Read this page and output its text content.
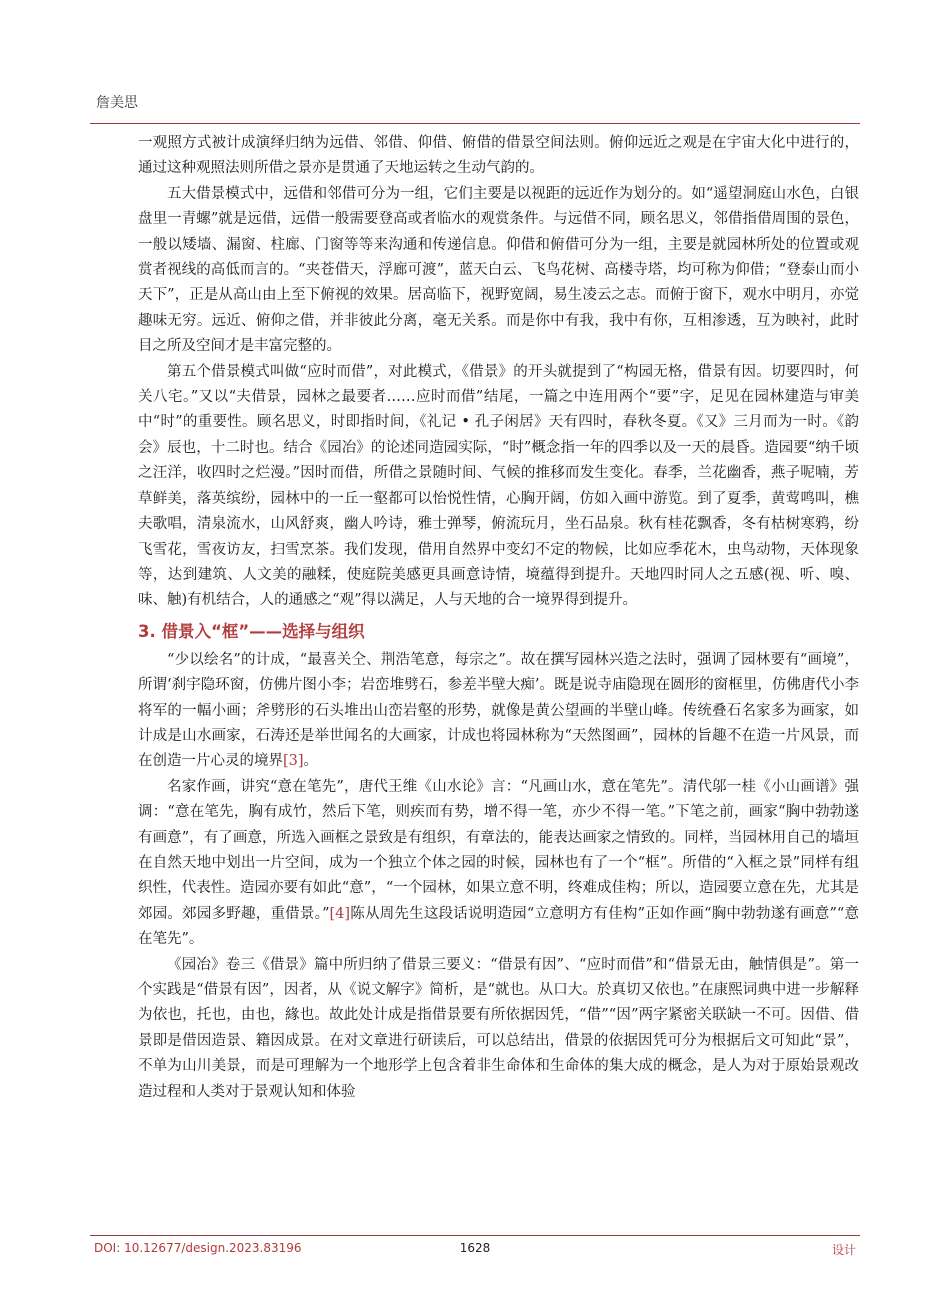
詹美思

一观照方式被计成演绎归纳为远借、邻借、仰借、俯借的借景空间法则。俯仰远近之观是在宇宙大化中进行的，通过这种观照法则所借之景亦是贯通了天地运转之生动气韵的。

五大借景模式中，远借和邻借可分为一组，它们主要是以视距的远近作为划分的。如“遥望洞庭山水色，白银盘里一青螺”就是远借，远借一般需要登高或者临水的观赏条件。与远借不同，顾名思义，邻借指借周围的景色，一般以矮墙、漏窗、柱廊、门窗等等来沟通和传递信息。仰借和俯借可分为一组，主要是就园林所处的位置或观赏者视线的高低而言的。“夹苍借天，浮廊可渡”，蓝天白云、飞鸟花树、高楼寺塔，均可称为仰借；“登泰山而小天下”，正是从高山由上至下俯视的效果。居高临下，视野宽阔，易生凌云之志。而俯于窗下，观水中明月，亦觉趣味无穷。远近、俯仰之借，并非彼此分离，毫无关系。而是你中有我，我中有你，互相渗透，互为映衬，此时目之所及空间才是丰富完整的。

第五个借景模式叫做“应时而借”，对此模式，《借景》的开头就提到了“构园无格，借景有因。切要四时，何关八宅。”又以“夫借景，园林之最要者……应时而借”结尾，一篇之中连用两个“要”字，足见在园林建造与审美中“时”的重要性。顾名思义，时即指时间，《礼记 • 孔子闲居》天有四时，春秋冬夏。《又》三月而为一时。《韵会》辰也，十二时也。结合《园冶》的论述同造园实际，“时”概念指一年的四季以及一天的晨昏。造园要“纳千顷之汪洋，收四时之烂漫。”因时而借，所借之景随时间、气候的推移而发生变化。春季，兰花幽香，燕子呢喃，芳草鲜美，落英缤纷，园林中的一丘一壑都可以怡悦性情，心胸开阔，仿如入画中游览。到了夏季，黄莺鸣叫，樵夫歌唱，清泉流水，山风舒爽，幽人吟诗，雅士弹琴，俯流玩月，坐石品泉。秋有桂花飘香，冬有枯树寒鸦，纷飞雪花，雪夜访友，扫雪烹茶。我们发现，借用自然界中变幻不定的物候，比如应季花木，虫鸟动物，天体现象等，达到建筑、人文美的融糅，使庭院美感更具画意诗情，境蕴得到提升。天地四时同人之五感(视、听、嗅、味、触)有机结合，人的通感之“观”得以满足，人与天地的合一境界得到提升。

3. 借景入“框”——选择与组织

“少以绘名”的计成，“最喜关仝、荆浩笔意，每宗之”。故在撰写园林兴造之法时，强调了园林要有“画境”，所谓‘刹宇隐环窗，仿佛片图小李；岩峦堆劈石，参差半壁大痴’。既是说寺庙隐现在圆形的窗框里，仿佛唐代小李将军的一幅小画；斧劈形的石头堆出山峦岩壑的形势，就像是黄公望画的半壁山峰。传统叠石名家多为画家，如计成是山水画家，石涛还是举世闻名的大画家，计成也将园林称为“天然图画”，园林的旨趣不在造一片风景，而在创造一片心灵的境界[3]。

名家作画，讲究“意在笔先”，唐代王维《山水论》言：“凡画山水，意在笔先”。清代邬一桂《小山画谱》强调：“意在笔先，胸有成竹，然后下笔，则疾而有势，增不得一笔，亦少不得一笔。”下笔之前，画家“胸中勃勃遂有画意”，有了画意，所选入画框之景致是有组织，有章法的，能表达画家之情致的。同样，当园林用自己的墙垣在自然天地中划出一片空间，成为一个独立个体之园的时候，园林也有了一个“框”。所借的“入框之景”同样有组织性，代表性。造园亦要有如此“意”，“一个园林，如果立意不明，终难成佳构；所以，造园要立意在先，尤其是郊园。郊园多野趣，重借景。”[4]陈从周先生这段话说明造园“立意明方有佳构”正如作画“胸中勃勃遂有画意”“意在笔先”。

《园冶》卷三《借景》篇中所归纳了借景三要义：“借景有因”、“应时而借”和“借景无由，触情俱是”。第一个实践是“借景有因”，因者，从《说文解字》简析，是“就也。从口大。於真切又依也。”在康熙词典中进一步解释为依也，托也，由也，緣也。故此处计成是指借景要有所依据因凭，“借”“因”两字紧密关联缺一不可。因借、借景即是借因造景、籍因成景。在对文章进行研读后，可以总结出，借景的依据因凭可分为根据后文可知此“景”，不单为山川美景，而是可理解为一个地形学上包含着非生命体和生命体的集大成的概念，是人为对于原始景观改造过程和人类对于景观认知和体验

DOI: 10.12677/design.2023.83196	1628	设计
